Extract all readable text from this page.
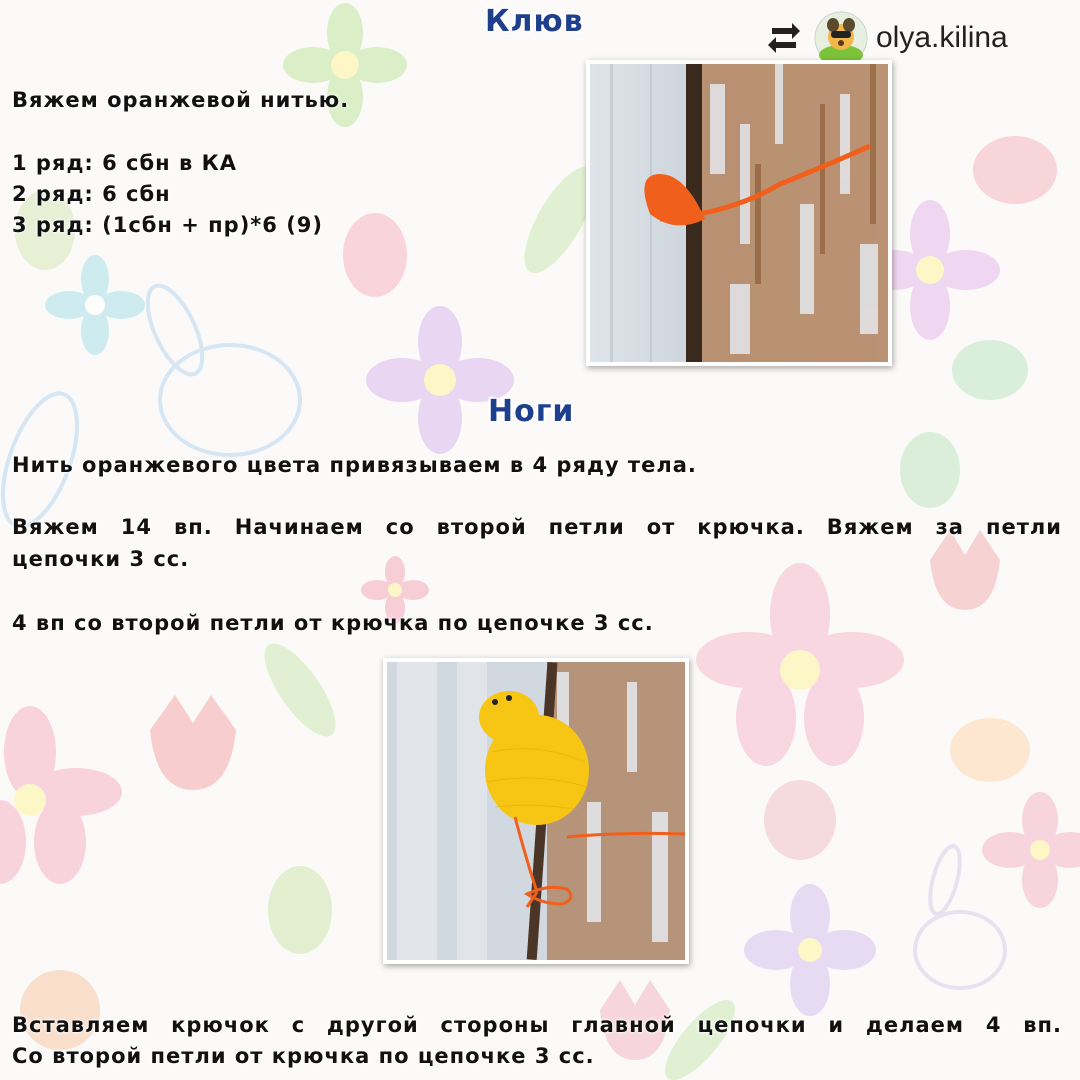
olya.kilina
Клюв
Вяжем оранжевой нитью.
1 ряд: 6 сбн в КА
2 ряд: 6 сбн
3 ряд: (1сбн + пр)*6 (9)
Ноги
Нить оранжевого цвета привязываем в 4 ряду тела.
Вяжем 14 вп. Начинаем со второй петли от крючка. Вяжем за петли
цепочки 3 сс.
4 вп со второй петли от крючка по цепочке 3 сс.
Вставляем крючок с другой стороны главной цепочки и делаем 4 вп.
Со второй петли от крючка по цепочке 3 сс.
